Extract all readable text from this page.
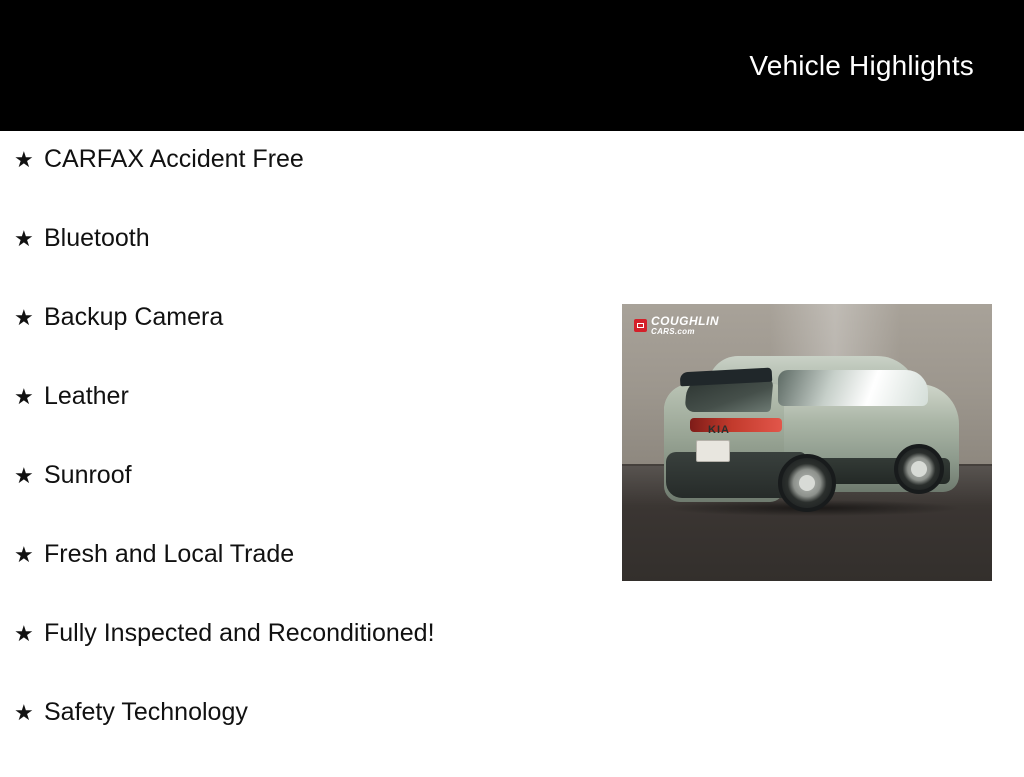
Vehicle Highlights
★ CARFAX Accident Free
★ Bluetooth
★ Backup Camera
★ Leather
★ Sunroof
★ Fresh and Local Trade
★ Fully Inspected and Reconditioned!
★ Safety Technology
KIA
COUGHLIN
CARS.com
